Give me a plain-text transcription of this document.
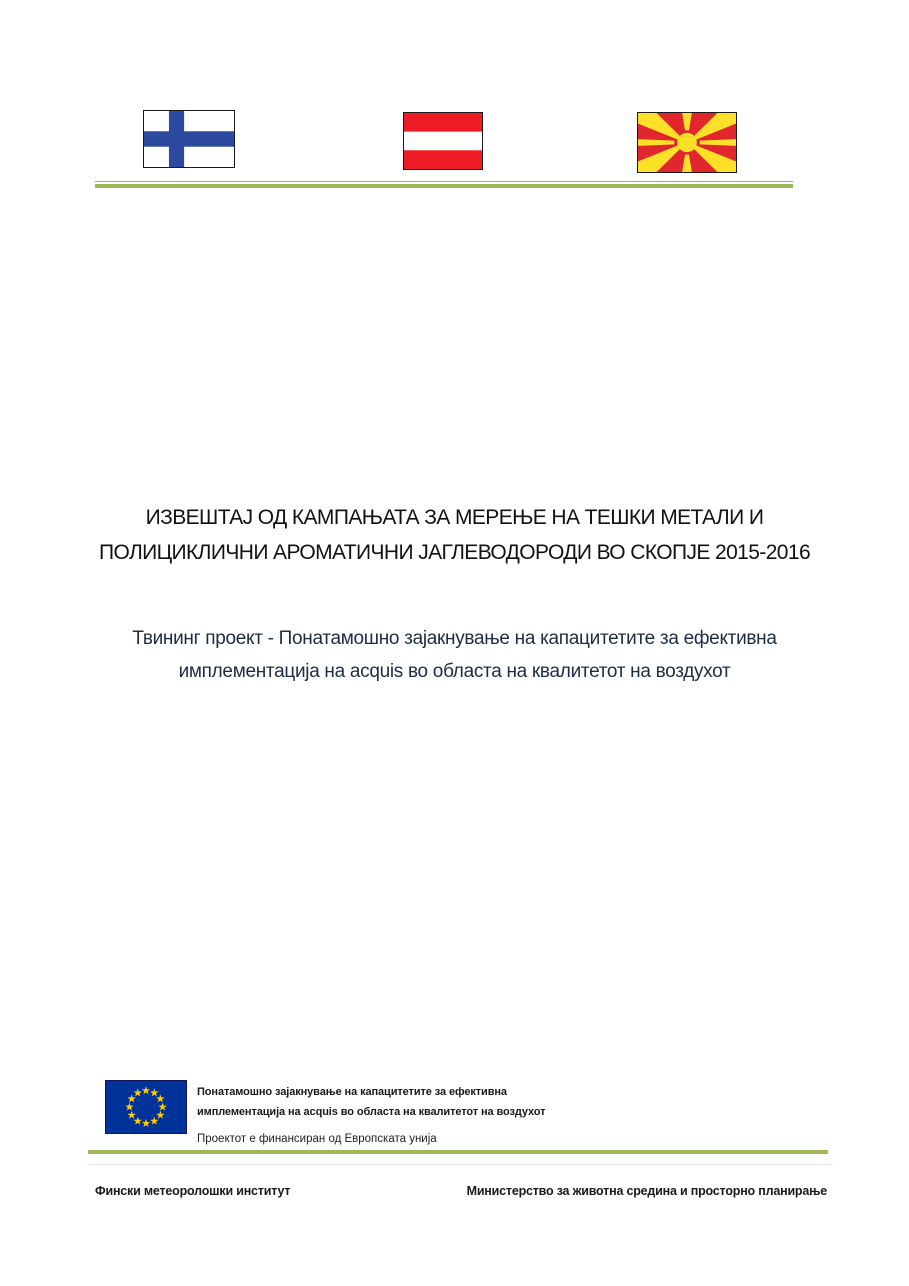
ИЗВЕШТАЈ ОД КАМПАЊАТА ЗА МЕРЕЊЕ НА ТЕШКИ МЕТАЛИ И
ПОЛИЦИКЛИЧНИ АРОМАТИЧНИ ЈАГЛЕВОДОРОДИ ВО СКОПЈЕ 2015-2016
Твининг проект - Понатамошно зајакнување на капацитетите за ефективна
имплементација на acquis во областа на квалитетот на воздухот
Понатамошно зајакнување на капацитетите за ефективна
имплементација на acquis во областа на квалитетот на воздухот
Проектот е финансиран од Европската унија
Фински метеоролошки институт	Министерство за животна средина и просторно планирање
